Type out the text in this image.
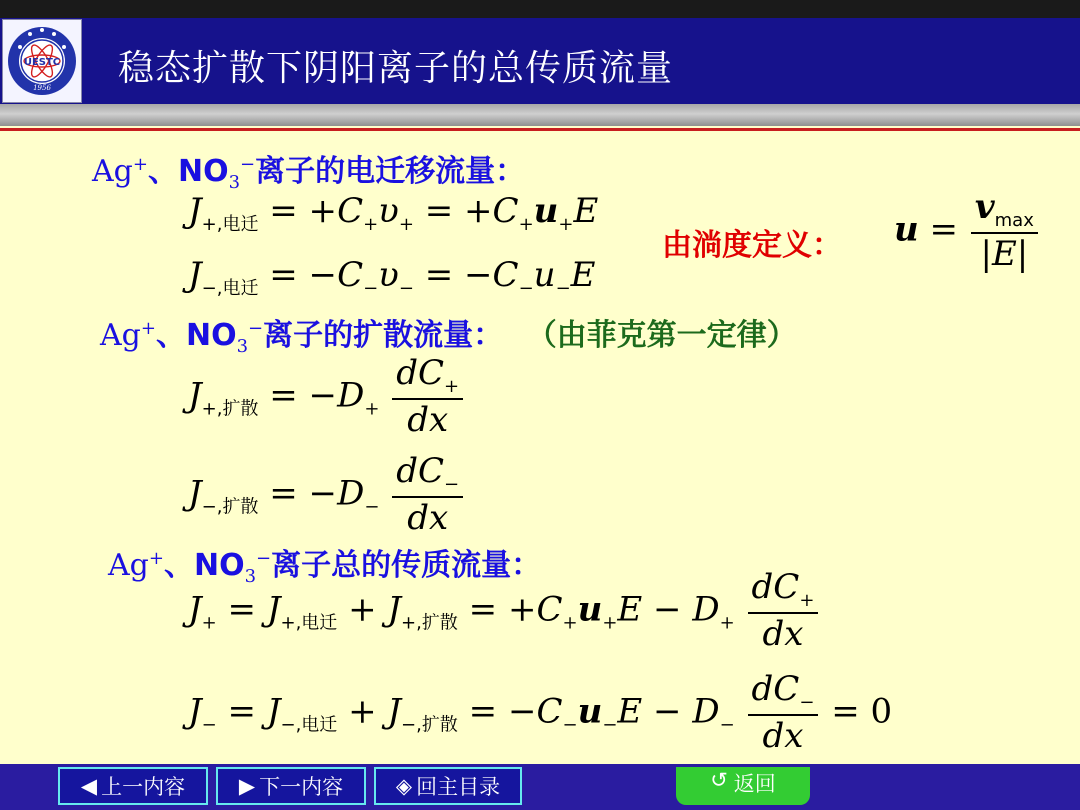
UESTC
1956 稳态扩散下阴阳离子的总传质流量
Ag+、$NO_3^-$离子的电迁移流量：
$J_{+,电迁} = +C_+\upsilon_+ = +C_+u_+E$
$J_{-,电迁} = -C_-\upsilon_- = -C_-u_-E$
由淌度定义： $u = \frac{v_{max}}{|E|}$
Ag+、$NO_3^-$离子的扩散流量： （由菲克第一定律）
$J_{+,扩散} = -D_+ \frac{dC_+}{dx}$
$J_{-,扩散} = -D_- \frac{dC_-}{dx}$
Ag+、$NO_3^-$离子总的传质流量：
$J_+ = J_{+,电迁} + J_{+,扩散} = +C_+u_+E - D_+ \frac{dC_+}{dx}$
$J_- = J_{-,电迁} + J_{-,扩散} = -C_-u_-E - D_- \frac{dC_-}{dx} = 0$
◀ 上一内容	▶ 下一内容	◈ 回主目录	↺ 返回
